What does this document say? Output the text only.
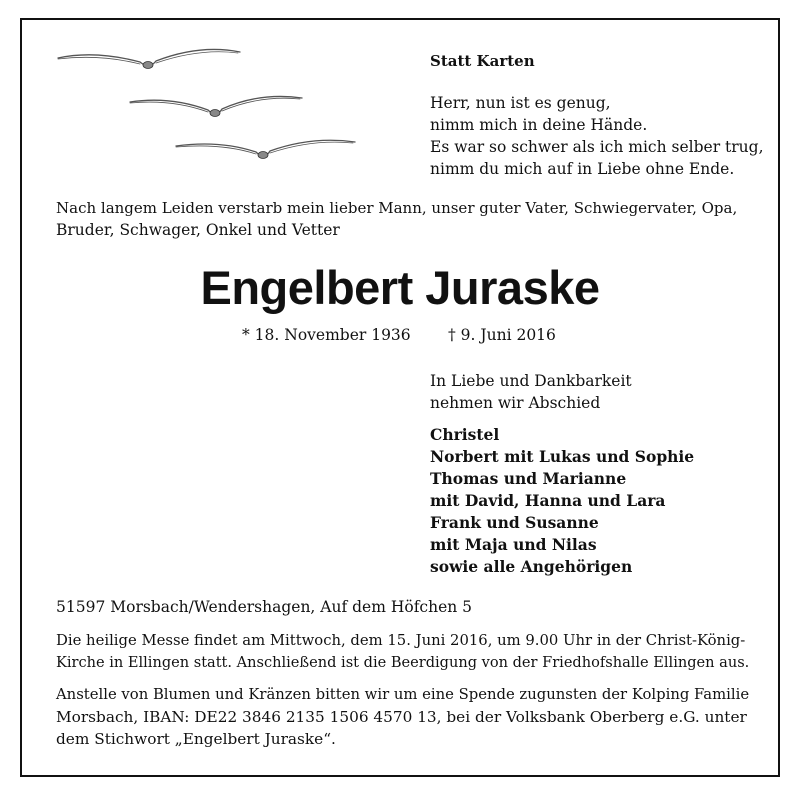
Statt Karten
Herr, nun ist es genug,
nimm mich in deine Hände.
Es war so schwer als ich mich selber trug,
nimm du mich auf in Liebe ohne Ende.
Nach langem Leiden verstarb mein lieber Mann, unser guter Vater, Schwiegervater, Opa,
Bruder, Schwager, Onkel und Vetter
Engelbert Juraske
* 18. November 1936 † 9. Juni 2016
In Liebe und Dankbarkeit
nehmen wir Abschied
Christel
Norbert mit Lukas und Sophie
Thomas und Marianne
mit David, Hanna und Lara
Frank und Susanne
mit Maja und Nilas
sowie alle Angehörigen
51597 Morsbach/Wendershagen, Auf dem Höfchen 5
Die heilige Messe findet am Mittwoch, dem 15. Juni 2016, um 9.00 Uhr in der Christ-König-
Kirche in Ellingen statt. Anschließend ist die Beerdigung von der Friedhofshalle Ellingen aus.
Anstelle von Blumen und Kränzen bitten wir um eine Spende zugunsten der Kolping Familie
Morsbach, IBAN: DE22 3846 2135 1506 4570 13, bei der Volksbank Oberberg e.G. unter
dem Stichwort „Engelbert Juraske“.
